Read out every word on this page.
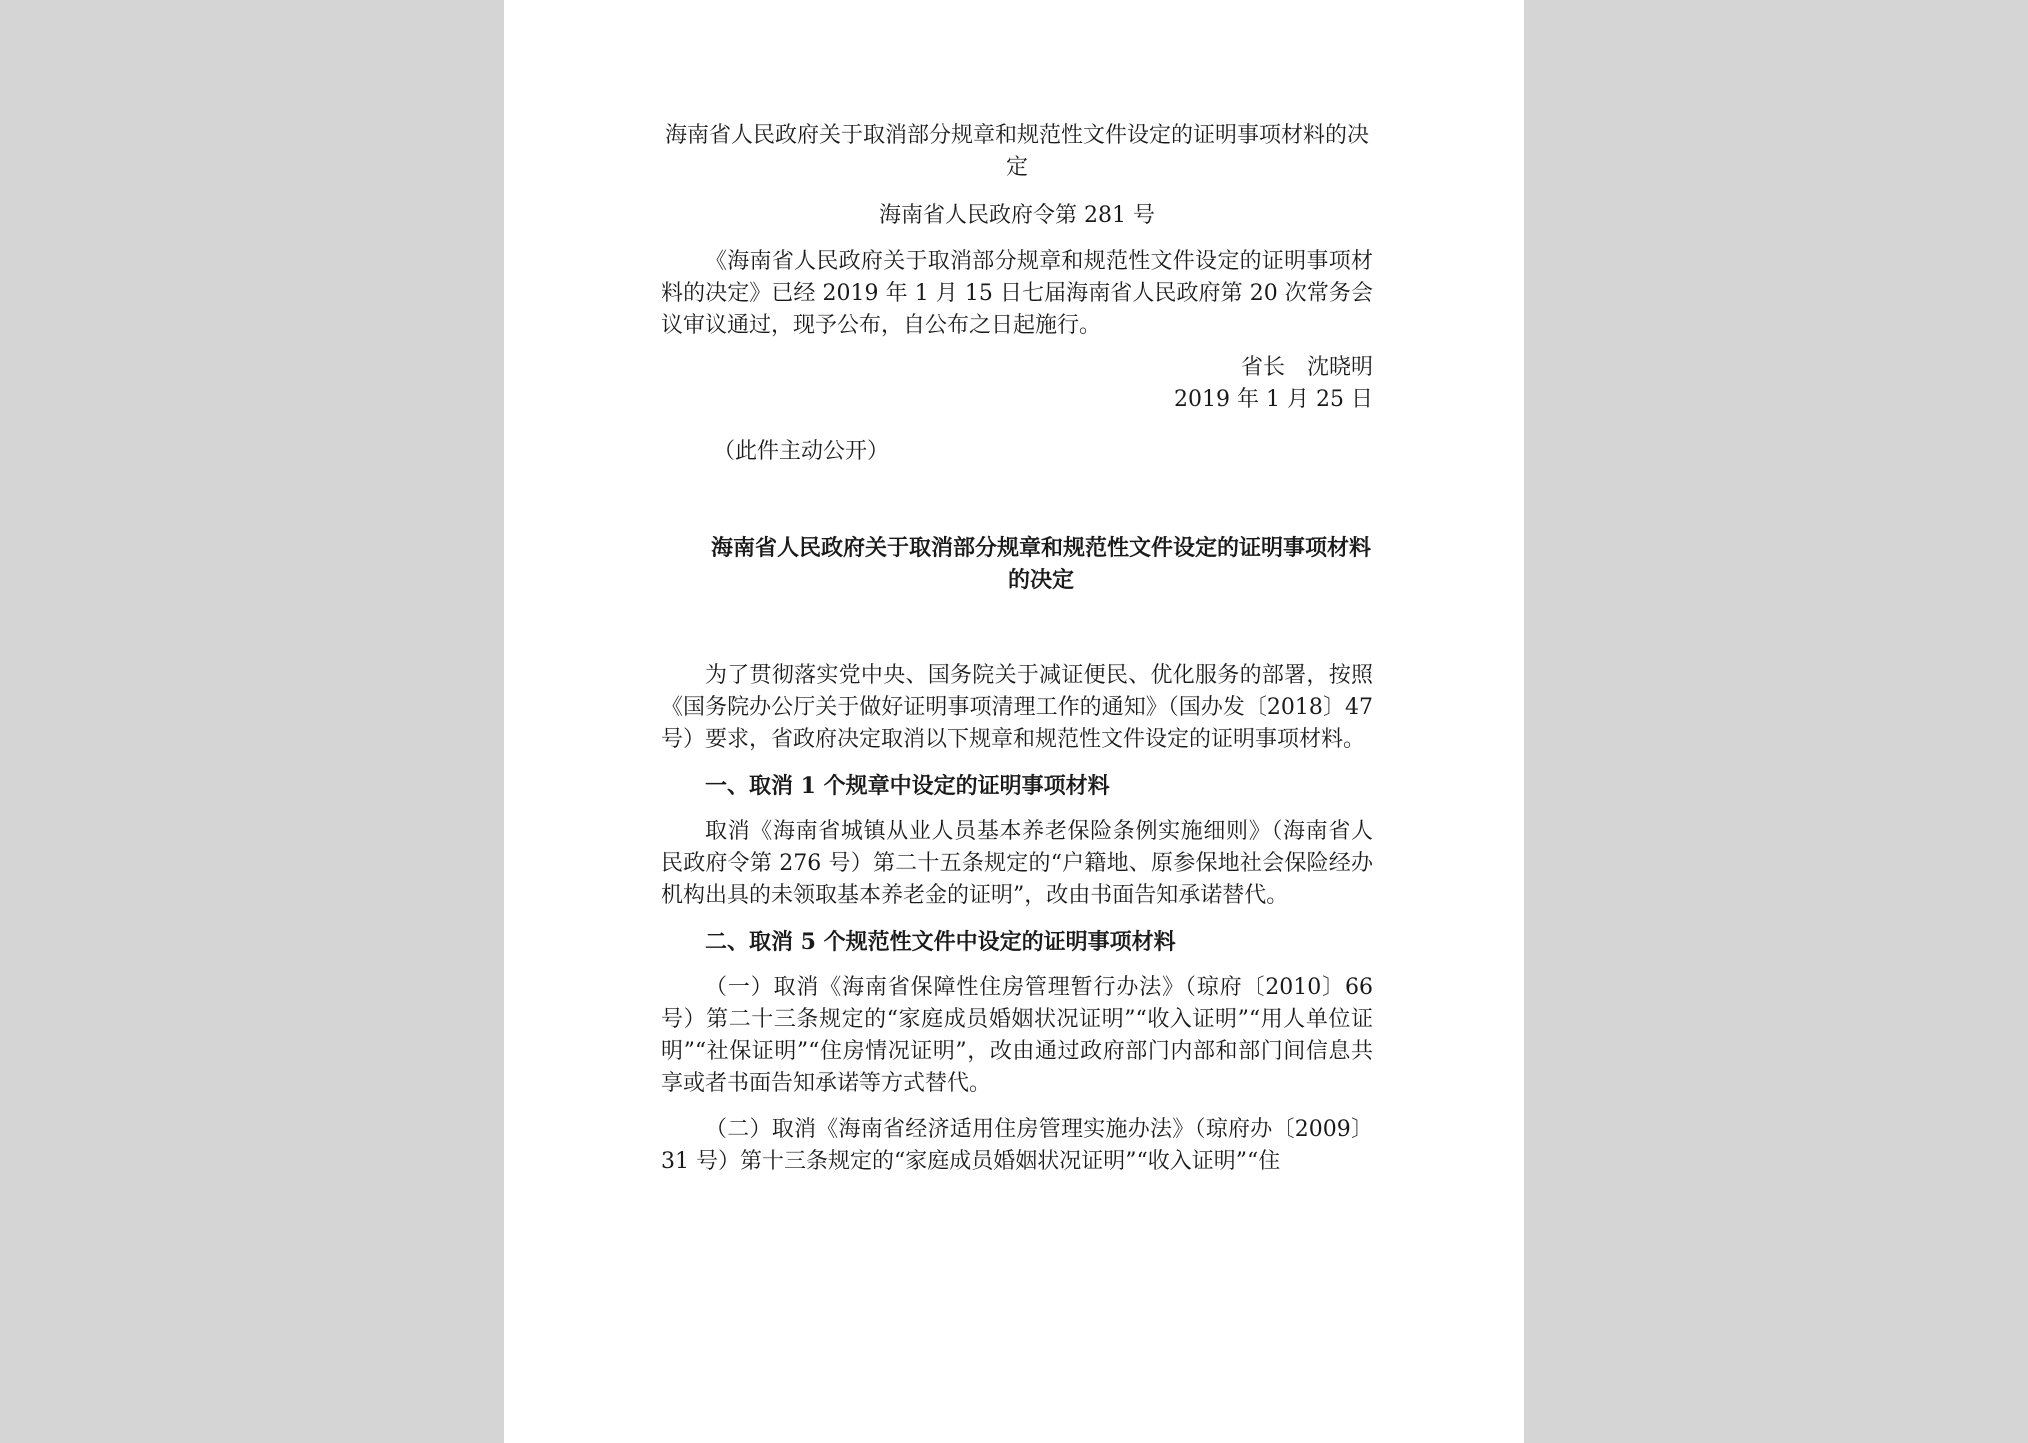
海南省人民政府关于取消部分规章和规范性文件设定的证明事项材料的决定

海南省人民政府令第 281 号

《海南省人民政府关于取消部分规章和规范性文件设定的证明事项材料的决定》已经 2019 年 1 月 15 日七届海南省人民政府第 20 次常务会议审议通过，现予公布，自公布之日起施行。

省长　沈晓明
2019 年 1 月 25 日
（此件主动公开）
海南省人民政府关于取消部分规章和规范性文件设定的证明事项材料的决定

为了贯彻落实党中央、国务院关于减证便民、优化服务的部署，按照《国务院办公厅关于做好证明事项清理工作的通知》（国办发〔2018〕47 号）要求，省政府决定取消以下规章和规范性文件设定的证明事项材料。

一、取消 1 个规章中设定的证明事项材料

取消《海南省城镇从业人员基本养老保险条例实施细则》（海南省人民政府令第 276 号）第二十五条规定的“户籍地、原参保地社会保险经办机构出具的未领取基本养老金的证明”，改由书面告知承诺替代。

二、取消 5 个规范性文件中设定的证明事项材料

（一）取消《海南省保障性住房管理暂行办法》（琼府〔2010〕66 号）第二十三条规定的“家庭成员婚姻状况证明”“收入证明”“用人单位证明”“社保证明”“住房情况证明”，改由通过政府部门内部和部门间信息共享或者书面告知承诺等方式替代。

（二）取消《海南省经济适用住房管理实施办法》（琼府办〔2009〕31 号）第十三条规定的“家庭成员婚姻状况证明”“收入证明”“住
